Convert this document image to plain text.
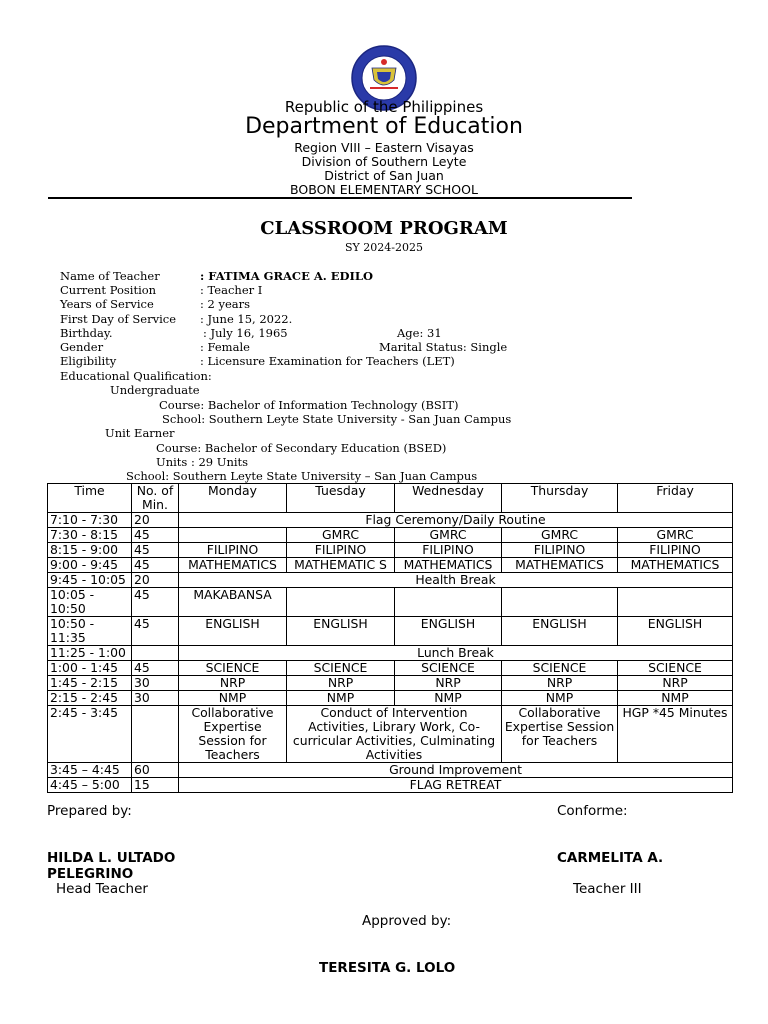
Republic of the Philippines
Department of Education
Region VIII – Eastern Visayas
Division of Southern Leyte
District of San Juan
BOBON ELEMENTARY SCHOOL
CLASSROOM PROGRAM
SY 2024-2025
Name of Teacher	: FATIMA GRACE A. EDILO
Current Position	: Teacher I
Years of Service	: 2 years
First Day of Service : June 15, 2022.
Birthday.	: July 16, 1965	Age: 31
Gender	: Female	Marital Status: Single
Eligibility	: Licensure Examination for Teachers (LET)
Educational Qualification:
Undergraduate
Course: Bachelor of Information Technology (BSIT)
School: Southern Leyte State University - San Juan Campus
Unit Earner
Course: Bachelor of Secondary Education (BSED)
Units : 29 Units
School: Southern Leyte State University – San Juan Campus
Time	No. of Min.	Monday	Tuesday	Wednesday	Thursday	Friday
7:10 - 7:30	20	Flag Ceremony/Daily Routine				
7:30 - 8:15	45		GMRC	GMRC	GMRC	GMRC
8:15 - 9:00	45	FILIPINO	FILIPINO	FILIPINO	FILIPINO	FILIPINO
9:00 - 9:45	45	MATHEMATICS	MATHEMATIC S	MATHEMATICS	MATHEMATICS	MATHEMATICS
9:45 - 10:05	20	Health Break				
10:05 - 10:50	45	MAKABANSA				
10:50 - 11:35	45	ENGLISH	ENGLISH	ENGLISH	ENGLISH	ENGLISH
11:25 - 1:00		Lunch Break				
1:00 - 1:45	45	SCIENCE	SCIENCE	SCIENCE	SCIENCE	SCIENCE
1:45 - 2:15	30	NRP	NRP	NRP	NRP	NRP
2:15 - 2:45	30	NMP	NMP	NMP	NMP	NMP
2:45 - 3:45		Collaborative Expertise Session for Teachers	Conduct of Intervention Activities, Library Work, Co-curricular Activities, Culminating Activities		Collaborative Expertise Session for Teachers	HGP *45 Minutes
3:45 – 4:45	60	Ground Improvement				
4:45 – 5:00	15	FLAG RETREAT				
Prepared by:	Conforme:
HILDA L. ULTADO PELEGRINO
CARMELITA A.
Head Teacher	Teacher III
Approved by:
TERESITA G. LOLO
